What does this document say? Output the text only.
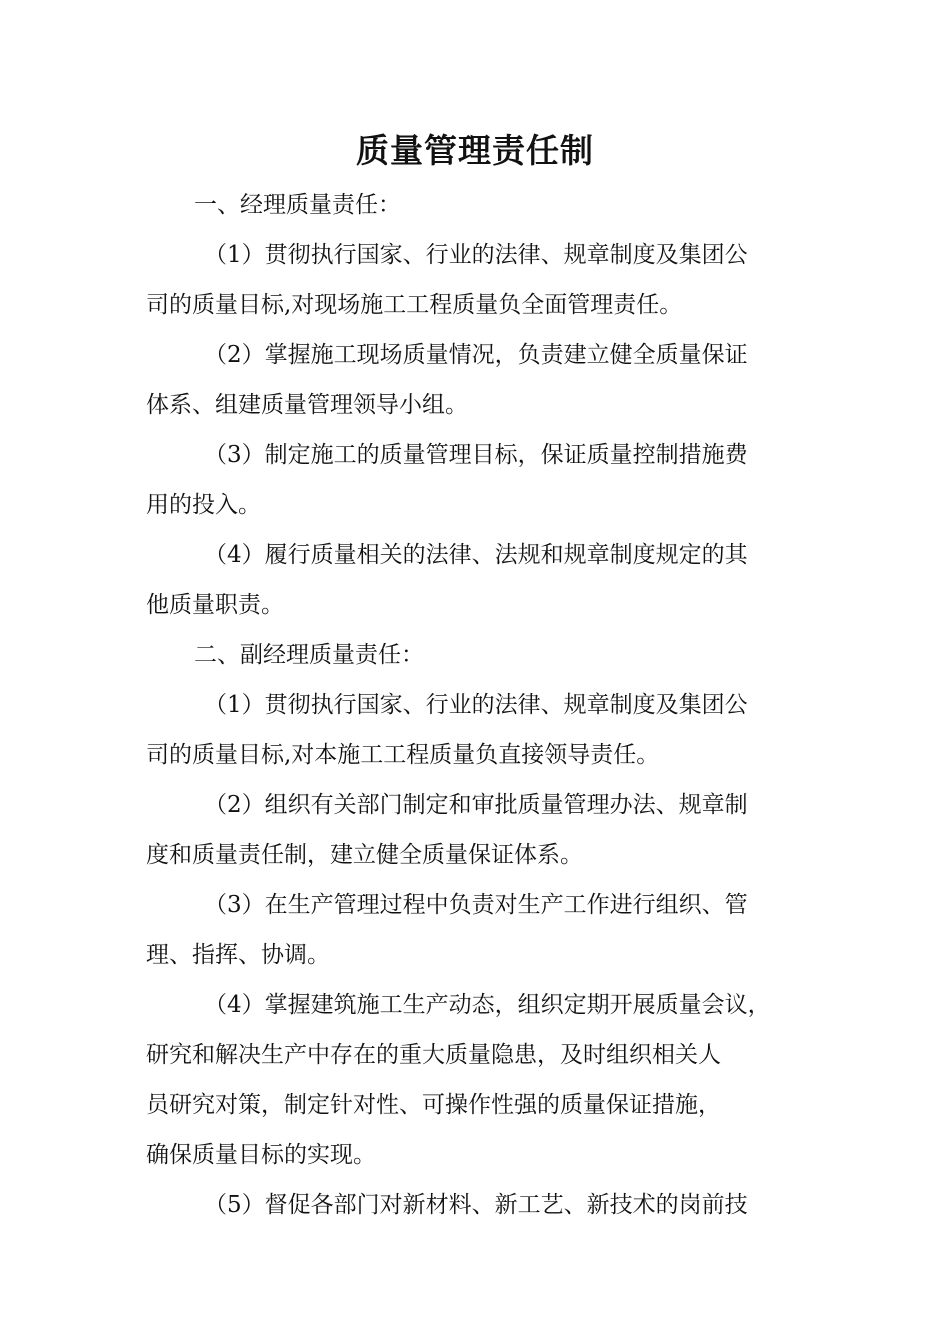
质量管理责任制
一、经理质量责任：
（1）贯彻执行国家、行业的法律、规章制度及集团公
司的质量目标,对现场施工工程质量负全面管理责任。
（2）掌握施工现场质量情况，负责建立健全质量保证
体系、组建质量管理领导小组。
（3）制定施工的质量管理目标，保证质量控制措施费
用的投入。
（4）履行质量相关的法律、法规和规章制度规定的其
他质量职责。
二、副经理质量责任：
（1）贯彻执行国家、行业的法律、规章制度及集团公
司的质量目标,对本施工工程质量负直接领导责任。
（2）组织有关部门制定和审批质量管理办法、规章制
度和质量责任制，建立健全质量保证体系。
（3）在生产管理过程中负责对生产工作进行组织、管
理、指挥、协调。
（4）掌握建筑施工生产动态，组织定期开展质量会议，
研究和解决生产中存在的重大质量隐患，及时组织相关人
员研究对策，制定针对性、可操作性强的质量保证措施，
确保质量目标的实现。
（5）督促各部门对新材料、新工艺、新技术的岗前技
